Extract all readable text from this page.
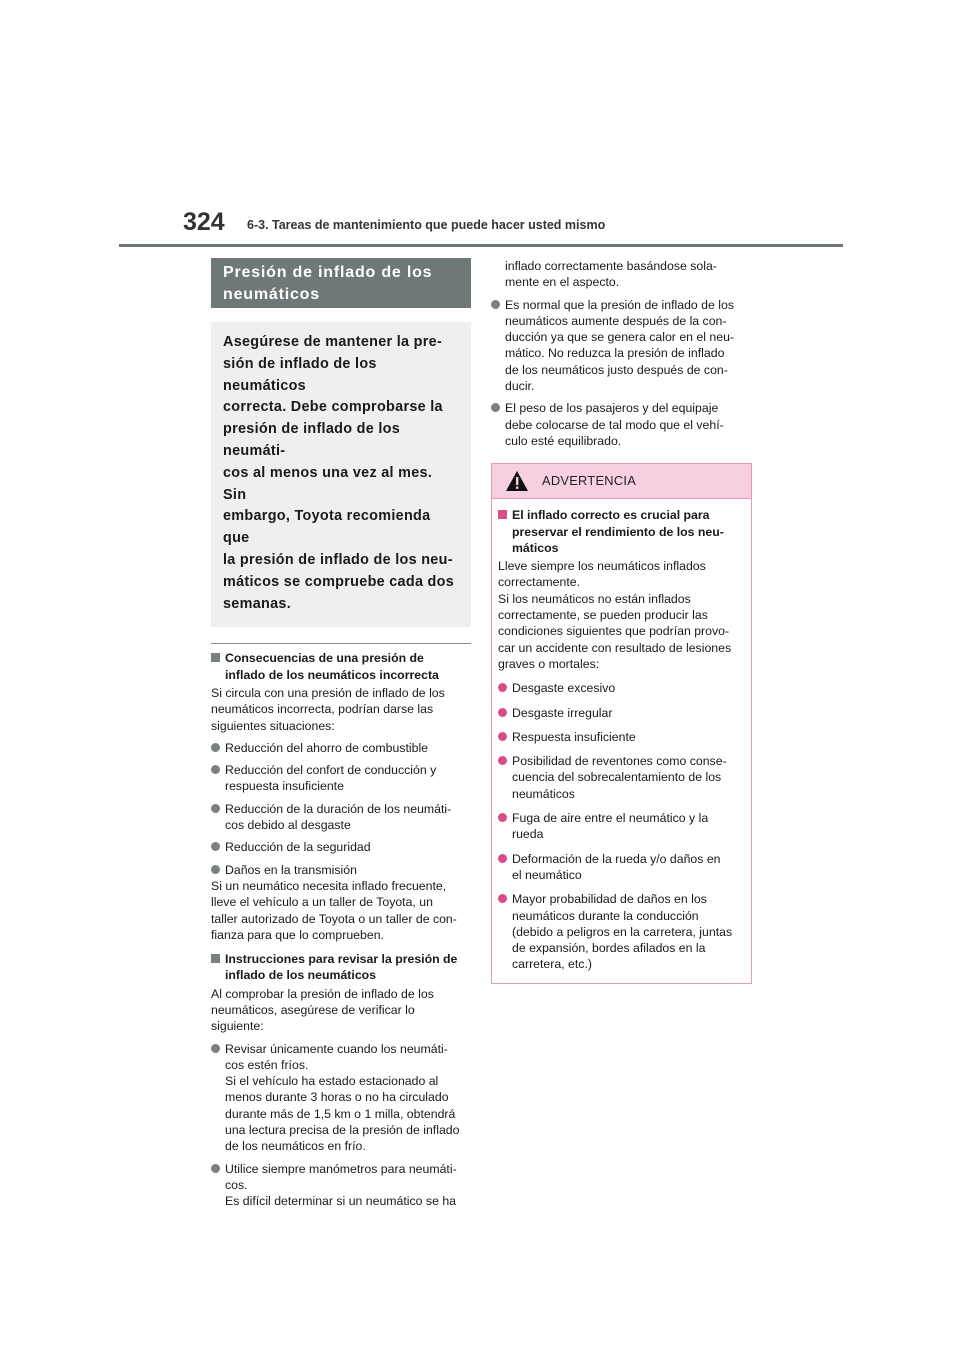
324 6-3. Tareas de mantenimiento que puede hacer usted mismo
Presión de inflado de los
neumáticos
Asegúrese de mantener la pre-
sión de inflado de los neumáticos
correcta. Debe comprobarse la
presión de inflado de los neumáti-
cos al menos una vez al mes. Sin
embargo, Toyota recomienda que
la presión de inflado de los neu-
máticos se compruebe cada dos
semanas.
Consecuencias de una presión de
inflado de los neumáticos incorrecta
Si circula con una presión de inflado de los
neumáticos incorrecta, podrían darse las
siguientes situaciones:
Reducción del ahorro de combustible
Reducción del confort de conducción y
respuesta insuficiente
Reducción de la duración de los neumáti-
cos debido al desgaste
Reducción de la seguridad
Daños en la transmisión
Si un neumático necesita inflado frecuente,
lleve el vehículo a un taller de Toyota, un
taller autorizado de Toyota o un taller de con-
fianza para que lo comprueben.
Instrucciones para revisar la presión de
inflado de los neumáticos
Al comprobar la presión de inflado de los
neumáticos, asegúrese de verificar lo
siguiente:
Revisar únicamente cuando los neumáti-
cos estén fríos.
Si el vehículo ha estado estacionado al
menos durante 3 horas o no ha circulado
durante más de 1,5 km o 1 milla, obtendrá
una lectura precisa de la presión de inflado
de los neumáticos en frío.
Utilice siempre manómetros para neumáti-
cos.
Es difícil determinar si un neumático se ha
inflado correctamente basándose sola-
mente en el aspecto.
Es normal que la presión de inflado de los
neumáticos aumente después de la con-
ducción ya que se genera calor en el neu-
mático. No reduzca la presión de inflado
de los neumáticos justo después de con-
ducir.
El peso de los pasajeros y del equipaje
debe colocarse de tal modo que el vehí-
culo esté equilibrado.
ADVERTENCIA
El inflado correcto es crucial para
preservar el rendimiento de los neu-
máticos
Lleve siempre los neumáticos inflados
correctamente.
Si los neumáticos no están inflados
correctamente, se pueden producir las
condiciones siguientes que podrían provo-
car un accidente con resultado de lesiones
graves o mortales:
Desgaste excesivo
Desgaste irregular
Respuesta insuficiente
Posibilidad de reventones como conse-
cuencia del sobrecalentamiento de los
neumáticos
Fuga de aire entre el neumático y la
rueda
Deformación de la rueda y/o daños en
el neumático
Mayor probabilidad de daños en los
neumáticos durante la conducción
(debido a peligros en la carretera, juntas
de expansión, bordes afilados en la
carretera, etc.)
